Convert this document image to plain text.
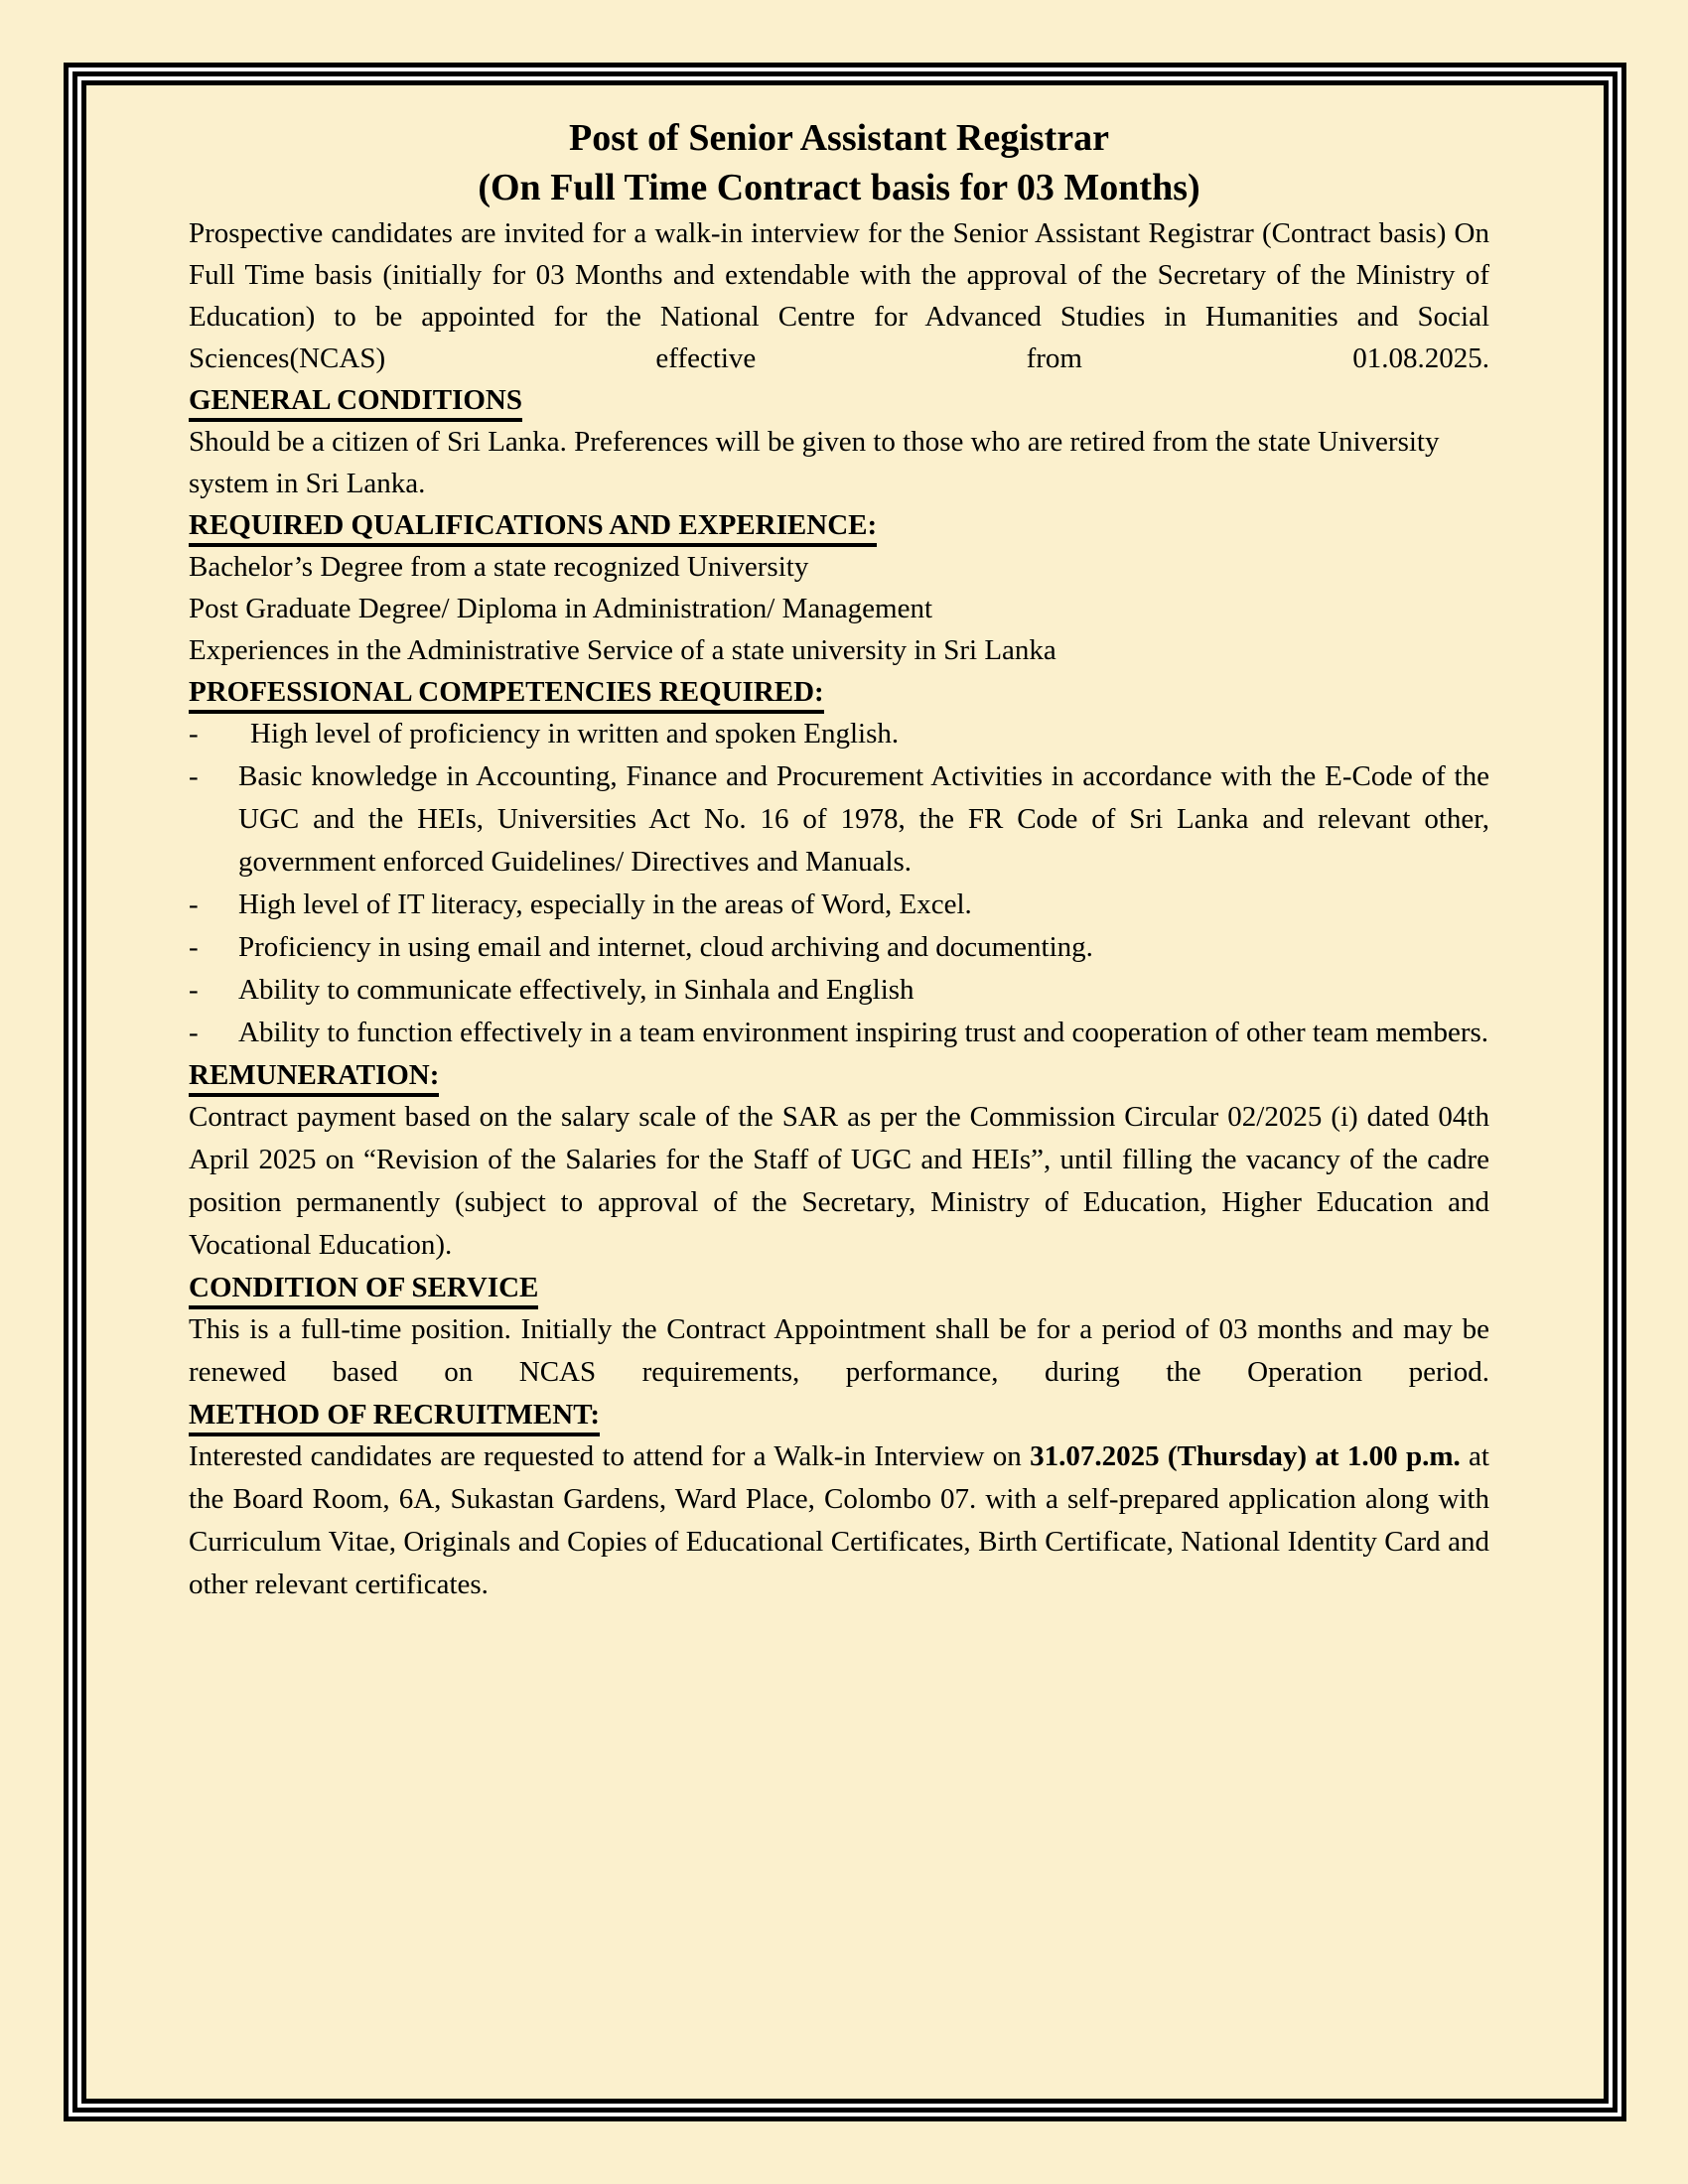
Post of Senior Assistant Registrar
(On Full Time Contract basis for 03 Months)

Prospective candidates are invited for a walk-in interview for the Senior Assistant Registrar (Contract basis) On Full Time basis (initially for 03 Months and extendable with the approval of the Secretary of the Ministry of Education) to be appointed for the National Centre for Advanced Studies in Humanities and Social Sciences(NCAS) effective from 01.08.2025.

GENERAL CONDITIONS

Should be a citizen of Sri Lanka. Preferences will be given to those who are retired from the state University system in Sri Lanka.

REQUIRED QUALIFICATIONS AND EXPERIENCE:

Bachelor’s Degree from a state recognized University

Post Graduate Degree/ Diploma in Administration/ Management

Experiences in the Administrative Service of a state university in Sri Lanka

PROFESSIONAL COMPETENCIES REQUIRED:
-	High level of proficiency in written and spoken English.
-	Basic knowledge in Accounting, Finance and Procurement Activities in accordance with the E-Code of the UGC and the HEIs, Universities Act No. 16 of 1978, the FR Code of Sri Lanka and relevant other, government enforced Guidelines/ Directives and Manuals.
-	High level of IT literacy, especially in the areas of Word, Excel.
-	Proficiency in using email and internet, cloud archiving and documenting.
-	Ability to communicate effectively, in Sinhala and English
-	Ability to function effectively in a team environment inspiring trust and cooperation of other team members.
REMUNERATION:

Contract payment based on the salary scale of the SAR as per the Commission Circular 02/2025 (i) dated 04th April 2025 on “Revision of the Salaries for the Staff of UGC and HEIs”, until filling the vacancy of the cadre position permanently (subject to approval of the Secretary, Ministry of Education, Higher Education and Vocational Education).

CONDITION OF SERVICE

This is a full-time position. Initially the Contract Appointment shall be for a period of 03 months and may be renewed based on NCAS requirements, performance, during the Operation period.

METHOD OF RECRUITMENT:

Interested candidates are requested to attend for a Walk-in Interview on 31.07.2025 (Thursday) at 1.00 p.m. at the Board Room, 6A, Sukastan Gardens, Ward Place, Colombo 07. with a self-prepared application along with Curriculum Vitae, Originals and Copies of Educational Certificates, Birth Certificate, National Identity Card and other relevant certificates.
